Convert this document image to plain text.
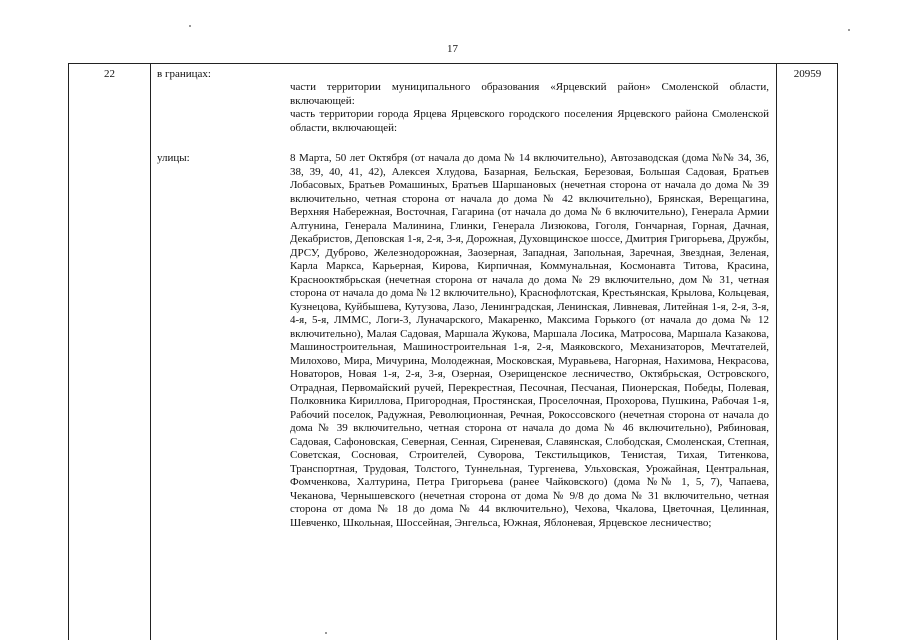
17
22	20959
в границах:
улицы:

части территории муниципального образования «Ярцевский район» Смоленской области, включающей:

часть территории города Ярцева Ярцевского городского поселения Ярцевского района Смоленской области, включающей:

8 Марта, 50 лет Октября (от начала до дома № 14 включительно), Автозаводская (дома №№ 34, 36, 38, 39, 40, 41, 42), Алексея Хлудова, Базарная, Бельская, Березовая, Большая Садовая, Братьев Лобасовых, Братьев Ромашиных, Братьев Шаршановых (нечетная сторона от начала до дома № 39 включительно, четная сторона от начала до дома № 42 включительно), Брянская, Верещагина, Верхняя Набережная, Восточная, Гагарина (от начала до дома № 6 включительно), Генерала Армии Алтунина, Генерала Малинина, Глинки, Генерала Лизюкова, Гоголя, Гончарная, Горная, Дачная, Декабристов, Деповская 1-я, 2-я, 3-я, Дорожная, Духовщинское шоссе, Дмитрия Григорьева, Дружбы, ДРСУ, Дуброво, Железнодорожная, Заозерная, Западная, Запольная, Заречная, Звездная, Зеленая, Карла Маркса, Карьерная, Кирова, Кирпичная, Коммунальная, Космонавта Титова, Красина, Краснооктябрьская (нечетная сторона от начала до дома № 29 включительно, дом № 31, четная сторона от начала до дома № 12 включительно), Краснофлотская, Крестьянская, Крылова, Кольцевая, Кузнецова, Куйбышева, Кутузова, Лазо, Ленинградская, Ленинская, Ливневая, Литейная 1-я, 2-я, 3-я, 4-я, 5-я, ЛММС, Логи-3, Луначарского, Макаренко, Максима Горького (от начала до дома № 12 включительно), Малая Садовая, Маршала Жукова, Маршала Лосика, Матросова, Маршала Казакова, Машиностроительная, Машиностроительная 1-я, 2-я, Маяковского, Механизаторов, Мечтателей, Милохово, Мира, Мичурина, Молодежная, Московская, Муравьева, Нагорная, Нахимова, Некрасова, Новаторов, Новая 1-я, 2-я, 3-я, Озерная, Озерищенское лесничество, Октябрьская, Островского, Отрадная, Первомайский ручей, Перекрестная, Песочная, Песчаная, Пионерская, Победы, Полевая, Полковника Кириллова, Пригородная, Простянская, Проселочная, Прохорова, Пушкина, Рабочая 1-я, Рабочий поселок, Радужная, Революционная, Речная, Рокоссовского (нечетная сторона от начала до дома № 39 включительно, четная сторона от начала до дома № 46 включительно), Рябиновая, Садовая, Сафоновская, Северная, Сенная, Сиреневая, Славянская, Слободская, Смоленская, Степная, Советская, Сосновая, Строителей, Суворова, Текстильщиков, Тенистая, Тихая, Титенкова, Транспортная, Трудовая, Толстого, Туннельная, Тургенева, Ульховская, Урожайная, Центральная, Фомченкова, Халтурина, Петра Григорьева (ранее Чайковского) (дома №№ 1, 5, 7), Чапаева, Чеканова, Чернышевского (нечетная сторона от дома № 9/8 до дома № 31 включительно, четная сторона от дома № 18 до дома № 44 включительно), Чехова, Чкалова, Цветочная, Целинная, Шевченко, Школьная, Шоссейная, Энгельса, Южная, Яблоневая, Ярцевское лесничество;
